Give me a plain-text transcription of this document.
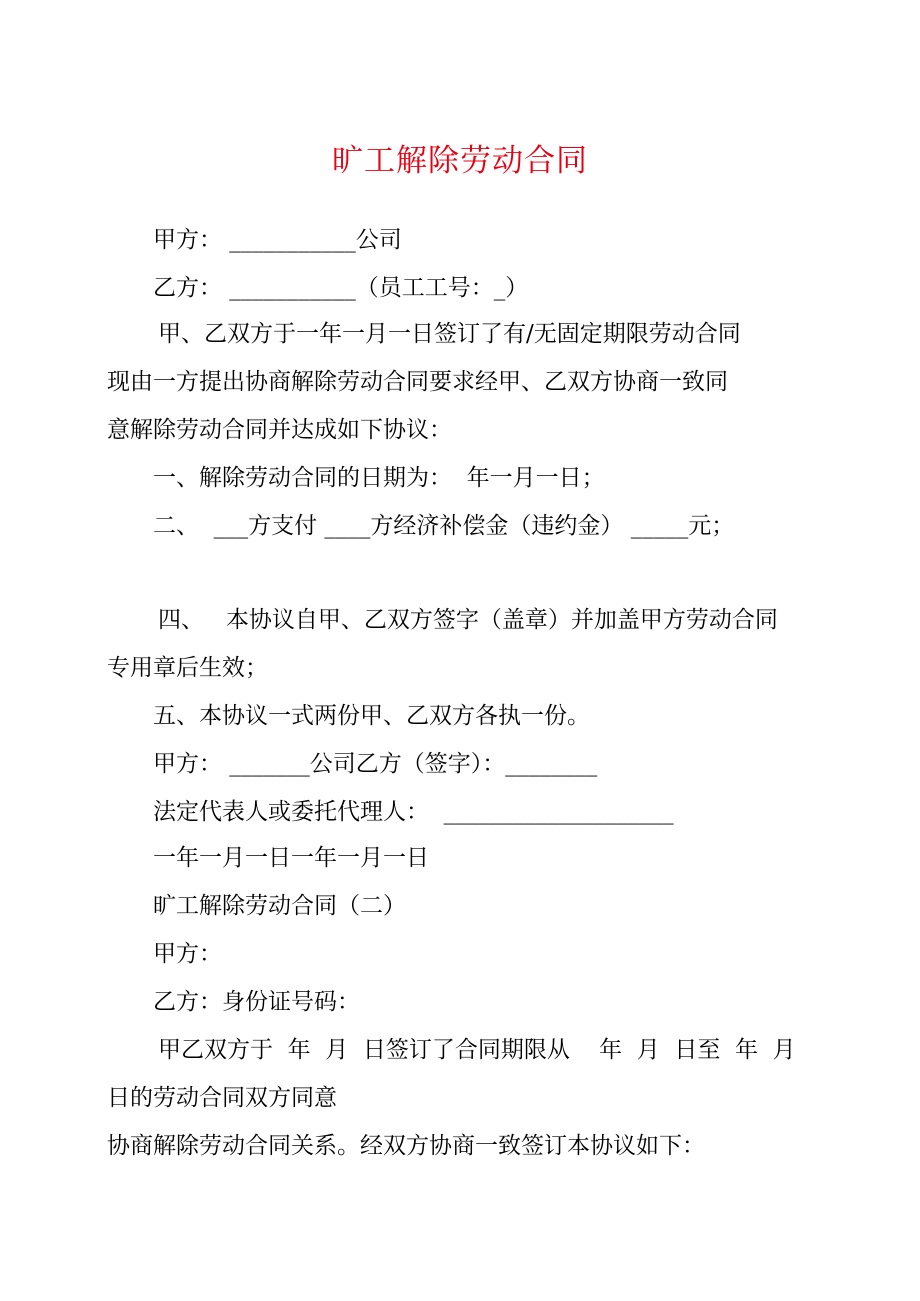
旷工解除劳动合同

甲方： ___________公司

乙方： ___________（员工工号：_）

甲、乙双方于一年一月一日签订了有/无固定期限劳动合同

现由一方提出协商解除劳动合同要求经甲、乙双方协商一致同

意解除劳动合同并达成如下协议：

一、解除劳动合同的日期为：  年一月一日；

二、  ___方支付 ____方经济补偿金（违约金） _____元；

四、   本协议自甲、乙双方签字（盖章）并加盖甲方劳动合同

专用章后生效；

五、本协议一式两份甲、乙双方各执一份。

甲方： _______公司乙方（签字）：________

法定代表人或委托代理人：  ____________________

一年一月一日一年一月一日

旷工解除劳动合同（二）

甲方：

乙方：身份证号码：

甲乙双方于  年  月  日签订了合同期限从    年  月  日至  年  月

日的劳动合同双方同意

协商解除劳动合同关系。经双方协商一致签订本协议如下：
